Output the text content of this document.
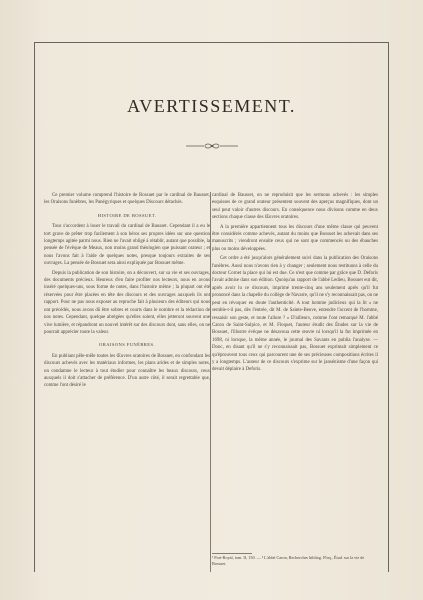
AVERTISSEMENT.

Ce premier volume comprend l'histoire de Bossuet par le cardinal de Bausset, les Oraisons funèbres, les Panégyriques et quelques Discours détachés.

HISTOIRE DE BOSSUET.

Tous s'accordent à louer le travail du cardinal de Bausset. Cependant il a eu le tort grave de prêter trop facilement à son héros ses propres idées sur une question longtemps agitée parmi nous. Rien ne l'avait obligé à rétablir, autant que possible, la pensée de l'évêque de Meaux, non moins grand théologien que puissant orateur ; et nous l'avons fait à l'aide de quelques notes, presque toujours extraites de ses ouvrages. La pensée de Bossuet sera ainsi expliquée par Bossuet même.

Depuis la publication de son histoire, on a découvert, sur sa vie et ses ouvrages, des documents précieux. Heureux d'en faire profiter nos lecteurs, nous en avons inséré quelques-uns, sous forme de notes, dans l'histoire même ; la plupart ont été réservées pour être placées en tête des discours et des ouvrages auxquels ils ont rapport. Pour ne pas nous exposer au reproche fait à plusieurs des éditeurs qui nous ont précédés, nous avons dû être sobres et courts dans le nombre et la rédaction de nos notes. Cependant, quelque abrégées qu'elles soient, elles jetteront souvent une vive lumière, et répandront un nouvel intérêt sur des discours dont, sans elles, on ne pourrait apprécier toute la valeur.

ORAISONS FUNÈBRES.

En publiant pêle-mêle toutes les Œuvres oratoires de Bossuet, en confondant les discours achevés avec les matériaux informes, les plans arides et de simples notes, on condamne le lecteur à tout étudier pour connaître les beaux discours, ceux auxquels il doit s'attacher de préférence. D'un autre côté, il serait regrettable que, comme l'ont désiré le

cardinal de Bausset, on ne reproduisit que les sermons achevés : les simples esquisses de ce grand orateur présentent souvent des aperçus magnifiques, dont un seul peut valoir d'autres discours. En conséquence nous divisons comme en deux sections chaque classe des Œuvres oratoires.

A la première appartiennent tous les discours d'une même classe qui peuvent être considérés comme achevés, autant du moins que Bossuet les achevait dans ses manuscrits ; viendront ensuite ceux qui ne sont que commencés ou des ébauches plus ou moins développées.

Cet ordre a été jusqu'alors généralement suivi dans la publication des Oraisons funèbres. Aussi nous n'avons rien à y changer ; seulement nous restituons à celle du docteur Cornet la place qui lui est due. Ce n'est que comme par grâce que D. Deforis l'avait admise dans son édition. Quoiqu'au rapport de l'abbé Ledieu, Bossuet eut dit, après avoir lu ce discours, imprimé trente-cinq ans seulement après qu'il fut prononcé dans la chapelle du collège de Navarre, qu'il ne s'y reconnaissait pas, on ne peut en révoquer en doute l'authenticité. A tout homme judicieux qui la lit « ne semble-t-il pas, dès l'entrée, dit M. de Sainte-Beuve, entendre l'accent de l'homme, ressaisir son geste, et toute l'allure ? » D'ailleurs, comme l'ont remarqué M. l'abbé Caron de Saint-Sulpice, et M. Floquet, l'auteur érudit des Études sur la vie de Bossuet, l'illustre évêque ne désavoua cette œuvre ni lorsqu'il la fut imprimée en 1698, ni lorsque, la même année, le journal des Savants en publia l'analyse. — Donc, en disant qu'il ne s'y reconnaissait pas, Bossuet exprimait simplement ce qu'éprouvent tous ceux qui parcourent une de ses précieuses compositions écrites il y a longtemps. L'auteur de ce discours s'exprime sur le jansénisme d'une façon qui devait déplaire à Deforis.

¹ Port-Royal, tom. II, 150. — ² L'abbé Caron, Recherches bibliog. Floq., Étud. sur la vie de Bossuet.
